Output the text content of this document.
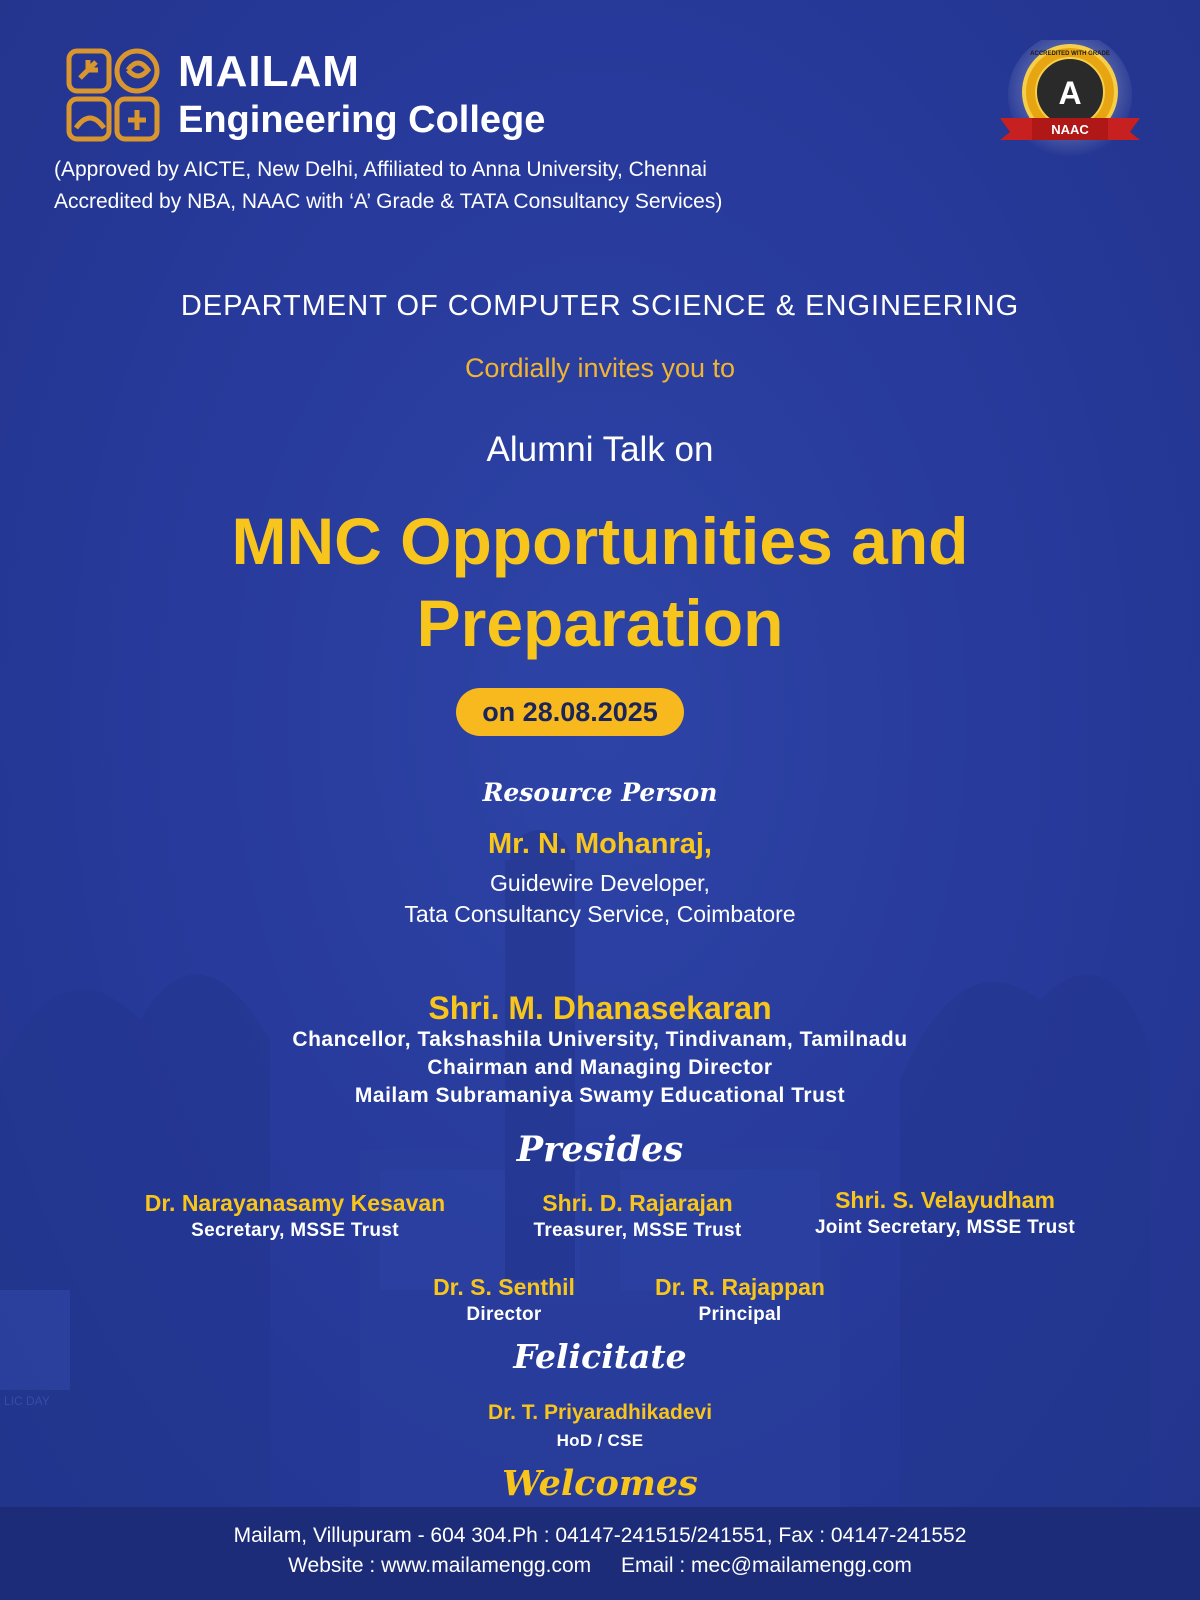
LIC DAY
MAILAM
Engineering College
(Approved by AICTE, New Delhi, Affiliated to Anna University, Chennai
Accredited by NBA, NAAC with ‘A’ Grade & TATA Consultancy Services)
A
ACCREDITED WITH GRADE
NAAC
DEPARTMENT OF COMPUTER SCIENCE & ENGINEERING
Cordially invites you to
Alumni Talk on
MNC Opportunities and
Preparation
on 28.08.2025
Resource Person
Mr. N. Mohanraj,
Guidewire Developer,
Tata Consultancy Service, Coimbatore
Shri. M. Dhanasekaran
Chancellor, Takshashila University, Tindivanam, Tamilnadu
Chairman and Managing Director
Mailam Subramaniya Swamy Educational Trust
Presides
Dr. Narayanasamy Kesavan
Secretary, MSSE Trust
Shri. D. Rajarajan
Treasurer, MSSE Trust
Shri. S. Velayudham
Joint Secretary, MSSE Trust
Dr. S. Senthil
Director
Dr. R. Rajappan
Principal
Felicitate
Dr. T. Priyaradhikadevi
HoD / CSE
Welcomes
Mailam, Villupuram - 604 304.Ph : 04147-241515/241551, Fax : 04147-241552
Website : www.mailamengg.com Email : mec@mailamengg.com
